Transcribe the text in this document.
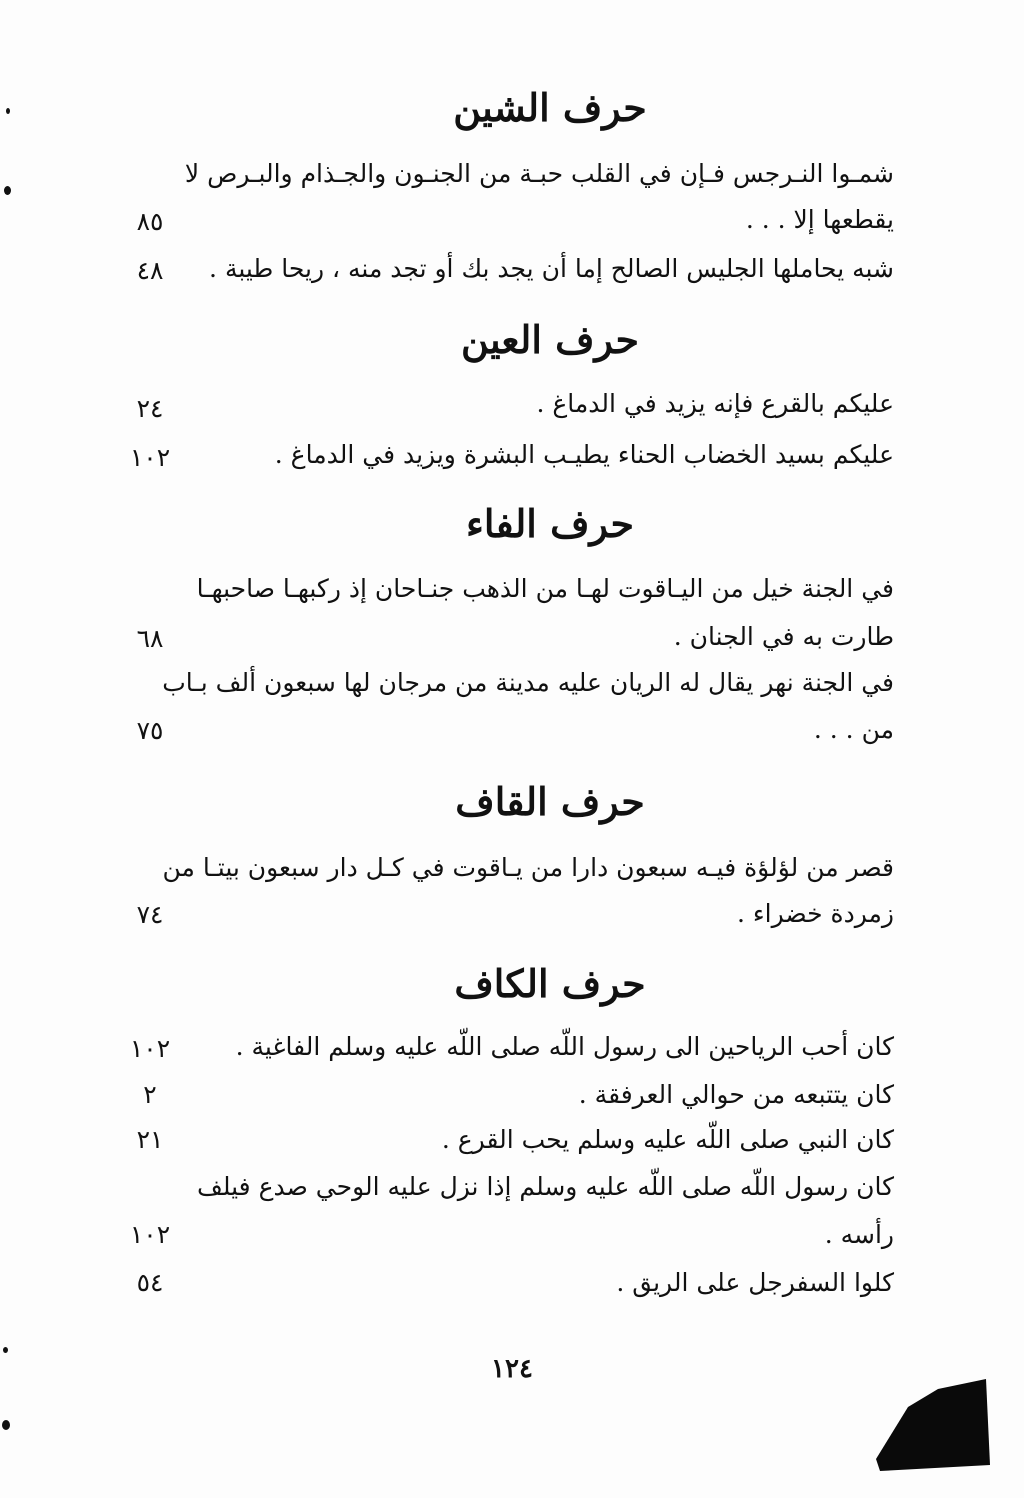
حرف الشين
شمـوا النـرجس فـإن في القلب حبـة من الجنـون والجـذام والبـرص لا
يقطعها إلا . . .
٨٥
شبه يحاملها الجليس الصالح إما أن يجد بك أو تجد منه ، ريحا طيبة .
٤٨
حرف العين
عليكم بالقرع فإنه يزيد في الدماغ .
٢٤
عليكم بسيد الخضاب الحناء يطيـب البشرة ويزيد في الدماغ .
١٠٢
حرف الفاء
في الجنة خيل من اليـاقوت لهـا من الذهب جنـاحان إذ ركبهـا صاحبهـا
طارت به في الجنان .
٦٨
في الجنة نهر يقال له الريان عليه مدينة من مرجان لها سبعون ألف بـاب
من . . .
٧٥
حرف القاف
قصر من لؤلؤة فيـه سبعون دارا من يـاقوت في كـل دار سبعون بيتـا من
زمردة خضراء .
٧٤
حرف الكاف
كان أحب الرياحين الى رسول اللّه صلى اللّه عليه وسلم الفاغية .
١٠٢
كان يتتبعه من حوالي العرفقة .
٢
كان النبي صلى اللّه عليه وسلم يحب القرع .
٢١
كان رسول اللّه صلى اللّه عليه وسلم إذا نزل عليه الوحي صدع فيلف
رأسه .
١٠٢
كلوا السفرجل على الريق .
٥٤
١٢٤
